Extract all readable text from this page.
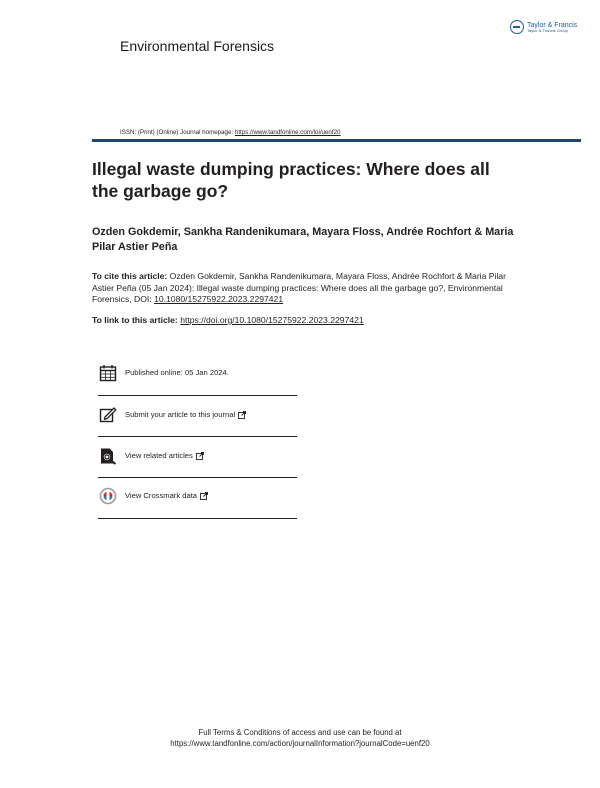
Environmental Forensics
Taylor & Francis
Taylor & Francis Group
ISSN: (Print) (Online) Journal homepage: https://www.tandfonline.com/loi/uenf20
Illegal waste dumping practices: Where does all the garbage go?
Ozden Gokdemir, Sankha Randenikumara, Mayara Floss, Andrée Rochfort & Maria Pilar Astier Peña
To cite this article: Ozden Gokdemir, Sankha Randenikumara, Mayara Floss, Andrée Rochfort & Maria Pilar Astier Peña (05 Jan 2024): Illegal waste dumping practices: Where does all the garbage go?, Environmental Forensics, DOI: 10.1080/15275922.2023.2297421
To link to this article: https://doi.org/10.1080/15275922.2023.2297421
Published online: 05 Jan 2024.
Submit your article to this journal
View related articles
View Crossmark data
Full Terms & Conditions of access and use can be found at
https://www.tandfonline.com/action/journalInformation?journalCode=uenf20
